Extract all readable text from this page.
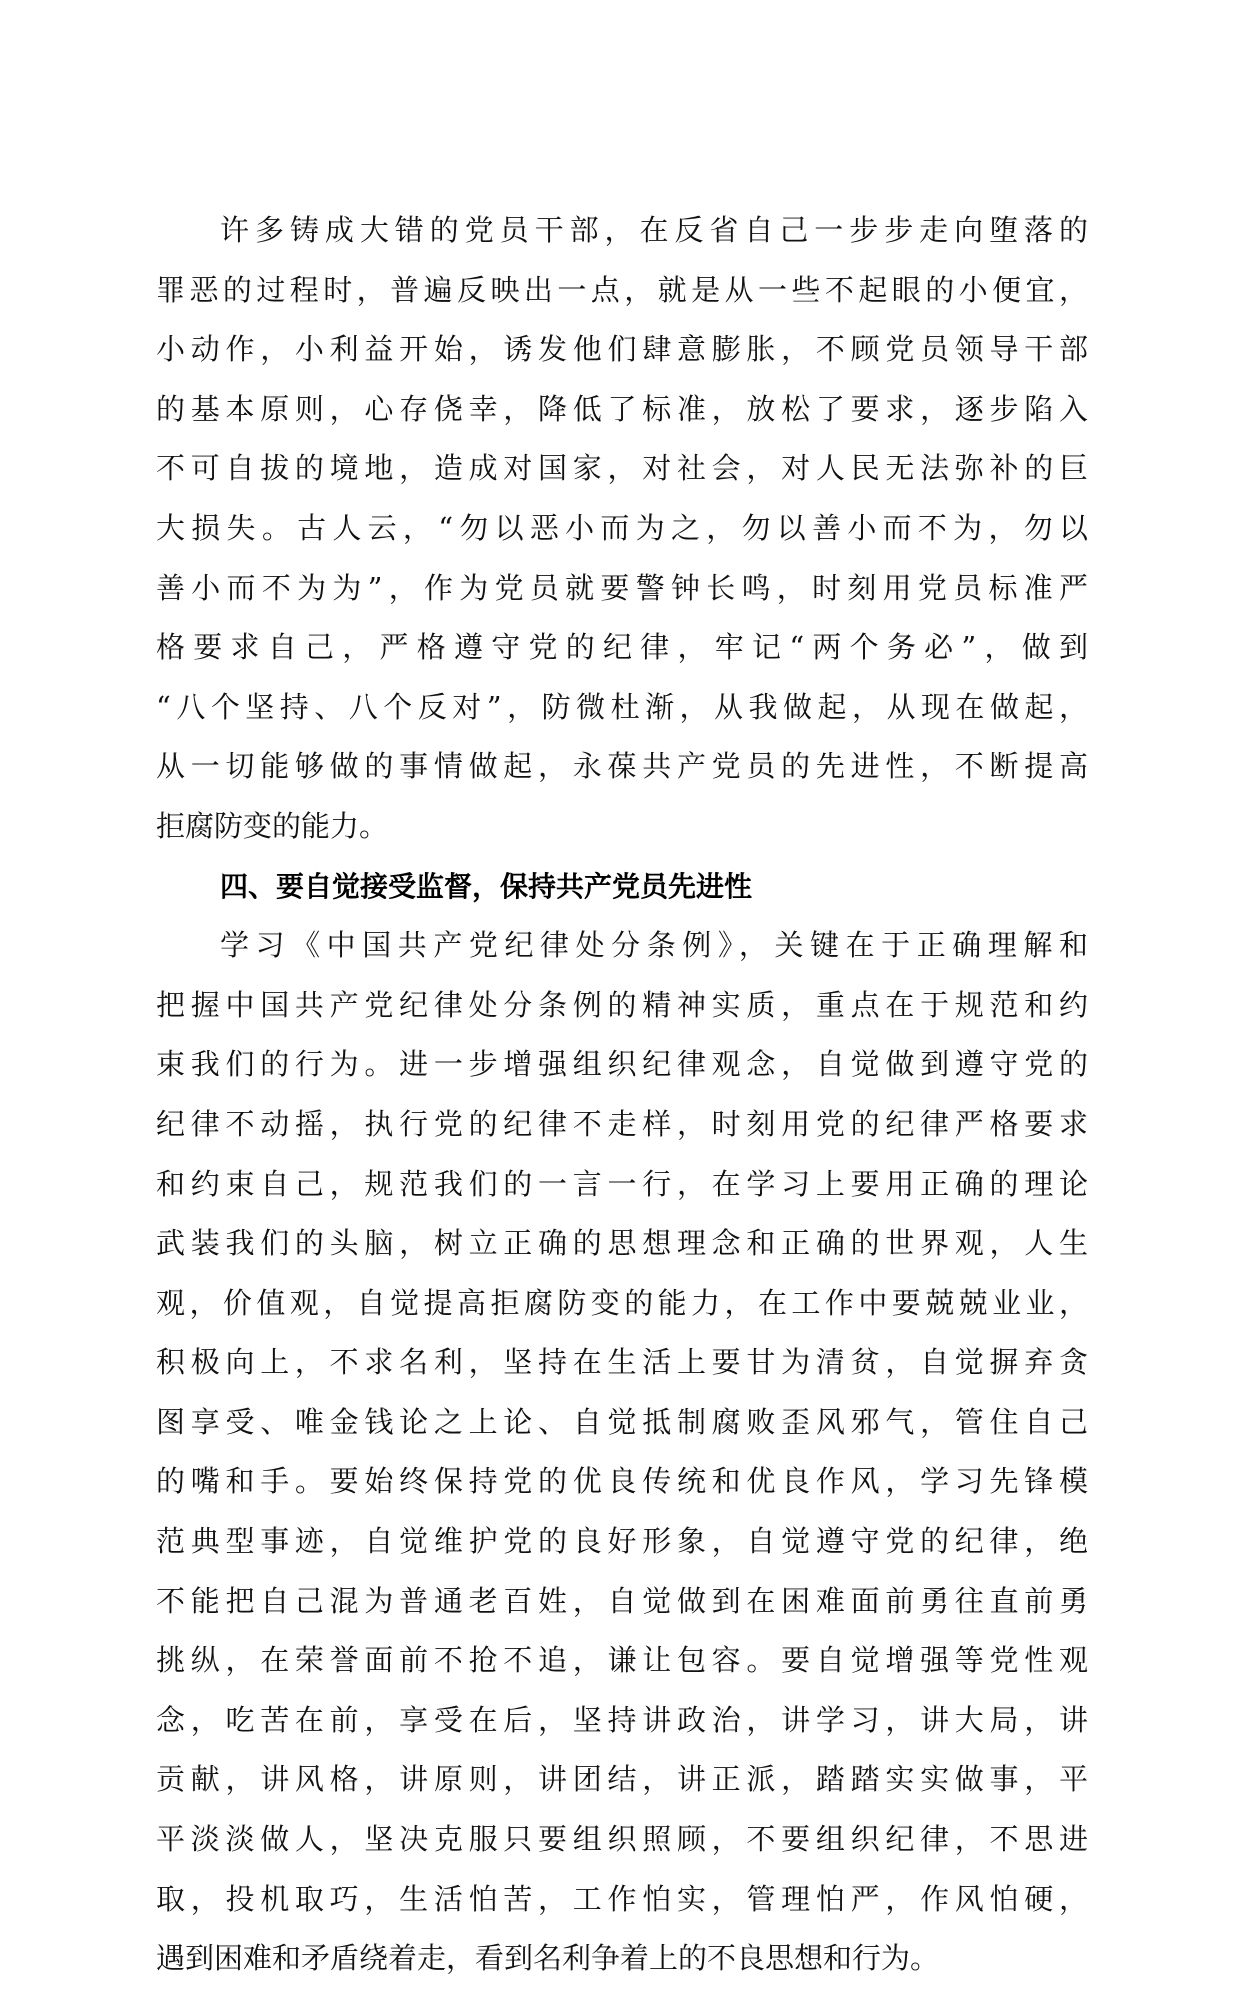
许多铸成大错的党员干部，在反省自己一步步走向堕落的
罪恶的过程时，普遍反映出一点，就是从一些不起眼的小便宜，
小动作，小利益开始，诱发他们肆意膨胀，不顾党员领导干部
的基本原则，心存侥幸，降低了标准，放松了要求，逐步陷入
不可自拔的境地，造成对国家，对社会，对人民无法弥补的巨
大损失。古人云，“勿以恶小而为之，勿以善小而不为，勿以
善小而不为为”，作为党员就要警钟长鸣，时刻用党员标准严
格要求自己，严格遵守党的纪律，牢记“两个务必”，做到
“八个坚持、八个反对”，防微杜渐，从我做起，从现在做起，
从一切能够做的事情做起，永葆共产党员的先进性，不断提高
拒腐防变的能力。
四、要自觉接受监督，保持共产党员先进性
学习《中国共产党纪律处分条例》，关键在于正确理解和
把握中国共产党纪律处分条例的精神实质，重点在于规范和约
束我们的行为。进一步增强组织纪律观念，自觉做到遵守党的
纪律不动摇，执行党的纪律不走样，时刻用党的纪律严格要求
和约束自己，规范我们的一言一行，在学习上要用正确的理论
武装我们的头脑，树立正确的思想理念和正确的世界观，人生
观，价值观，自觉提高拒腐防变的能力，在工作中要兢兢业业，
积极向上，不求名利，坚持在生活上要甘为清贫，自觉摒弃贪
图享受、唯金钱论之上论、自觉抵制腐败歪风邪气，管住自己
的嘴和手。要始终保持党的优良传统和优良作风，学习先锋模
范典型事迹，自觉维护党的良好形象，自觉遵守党的纪律，绝
不能把自己混为普通老百姓，自觉做到在困难面前勇往直前勇
挑纵，在荣誉面前不抢不追，谦让包容。要自觉增强等党性观
念，吃苦在前，享受在后，坚持讲政治，讲学习，讲大局，讲
贡献，讲风格，讲原则，讲团结，讲正派，踏踏实实做事，平
平淡淡做人，坚决克服只要组织照顾，不要组织纪律，不思进
取，投机取巧，生活怕苦，工作怕实，管理怕严，作风怕硬，
遇到困难和矛盾绕着走，看到名利争着上的不良思想和行为。
